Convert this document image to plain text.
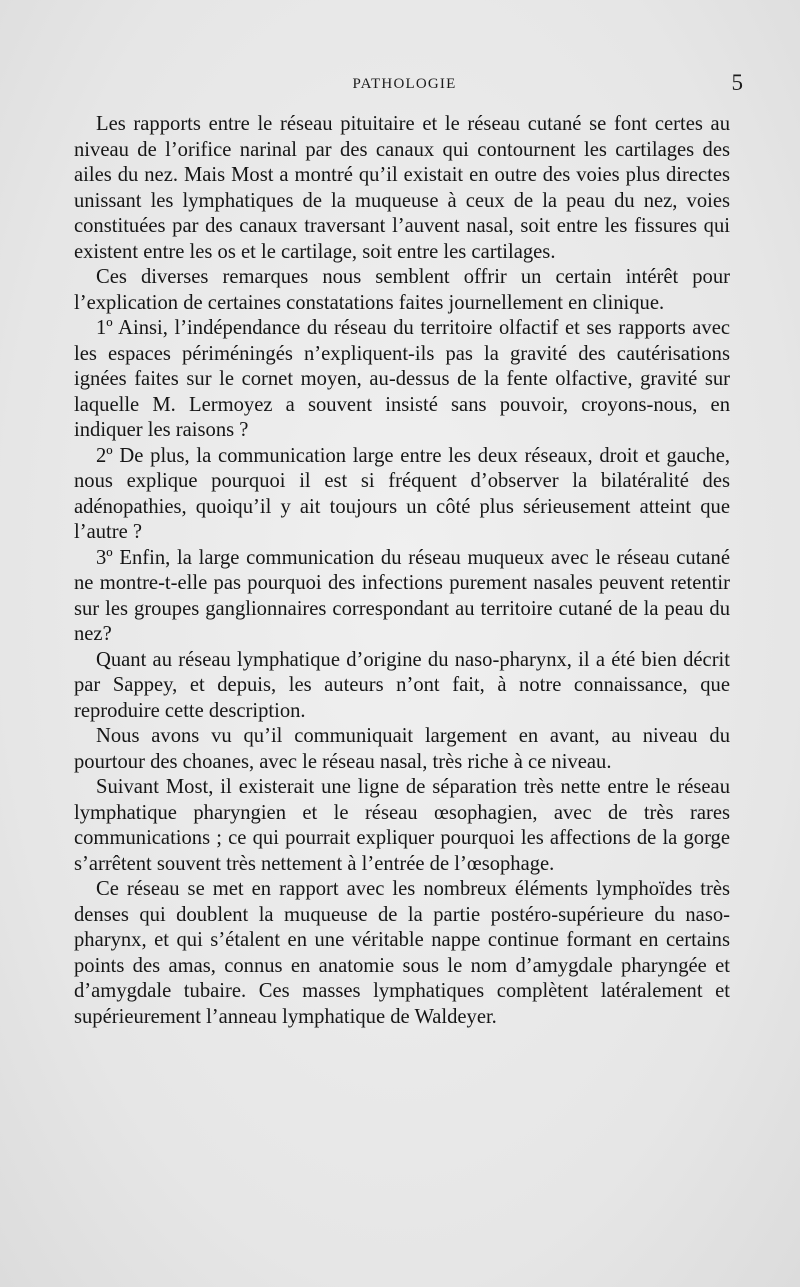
PATHOLOGIE	5

Les rapports entre le réseau pituitaire et le réseau cutané se font certes au niveau de l’orifice narinal par des canaux qui contournent les cartilages des ailes du nez. Mais Most a montré qu’il existait en outre des voies plus directes unissant les lymphatiques de la muqueuse à ceux de la peau du nez, voies constituées par des canaux traversant l’auvent nasal, soit entre les fissures qui existent entre les os et le cartilage, soit entre les cartilages.

Ces diverses remarques nous semblent offrir un certain intérêt pour l’explication de certaines constatations faites journellement en clinique.

1º Ainsi, l’indépendance du réseau du territoire olfactif et ses rapports avec les espaces périméningés n’expliquent-ils pas la gravité des cautérisations ignées faites sur le cornet moyen, au-dessus de la fente olfactive, gravité sur laquelle M. Lermoyez a souvent insisté sans pouvoir, croyons-nous, en indiquer les raisons ?

2º De plus, la communication large entre les deux réseaux, droit et gauche, nous explique pourquoi il est si fréquent d’observer la bilatéralité des adénopathies, quoiqu’il y ait toujours un côté plus sérieusement atteint que l’autre ?

3º Enfin, la large communication du réseau muqueux avec le réseau cutané ne montre-t-elle pas pourquoi des infections purement nasales peuvent retentir sur les groupes ganglionnaires correspondant au territoire cutané de la peau du nez?

Quant au réseau lymphatique d’origine du naso-pharynx, il a été bien décrit par Sappey, et depuis, les auteurs n’ont fait, à notre connaissance, que reproduire cette description.

Nous avons vu qu’il communiquait largement en avant, au niveau du pourtour des choanes, avec le réseau nasal, très riche à ce niveau.

Suivant Most, il existerait une ligne de séparation très nette entre le réseau lymphatique pharyngien et le réseau œsophagien, avec de très rares communications ; ce qui pourrait expliquer pourquoi les affections de la gorge s’arrêtent souvent très nettement à l’entrée de l’œsophage.

Ce réseau se met en rapport avec les nombreux éléments lymphoïdes très denses qui doublent la muqueuse de la partie postéro-supérieure du naso-pharynx, et qui s’étalent en une véritable nappe continue formant en certains points des amas, connus en anatomie sous le nom d’amygdale pharyngée et d’amygdale tubaire. Ces masses lymphatiques complètent latéralement et supérieurement l’anneau lymphatique de Waldeyer.
